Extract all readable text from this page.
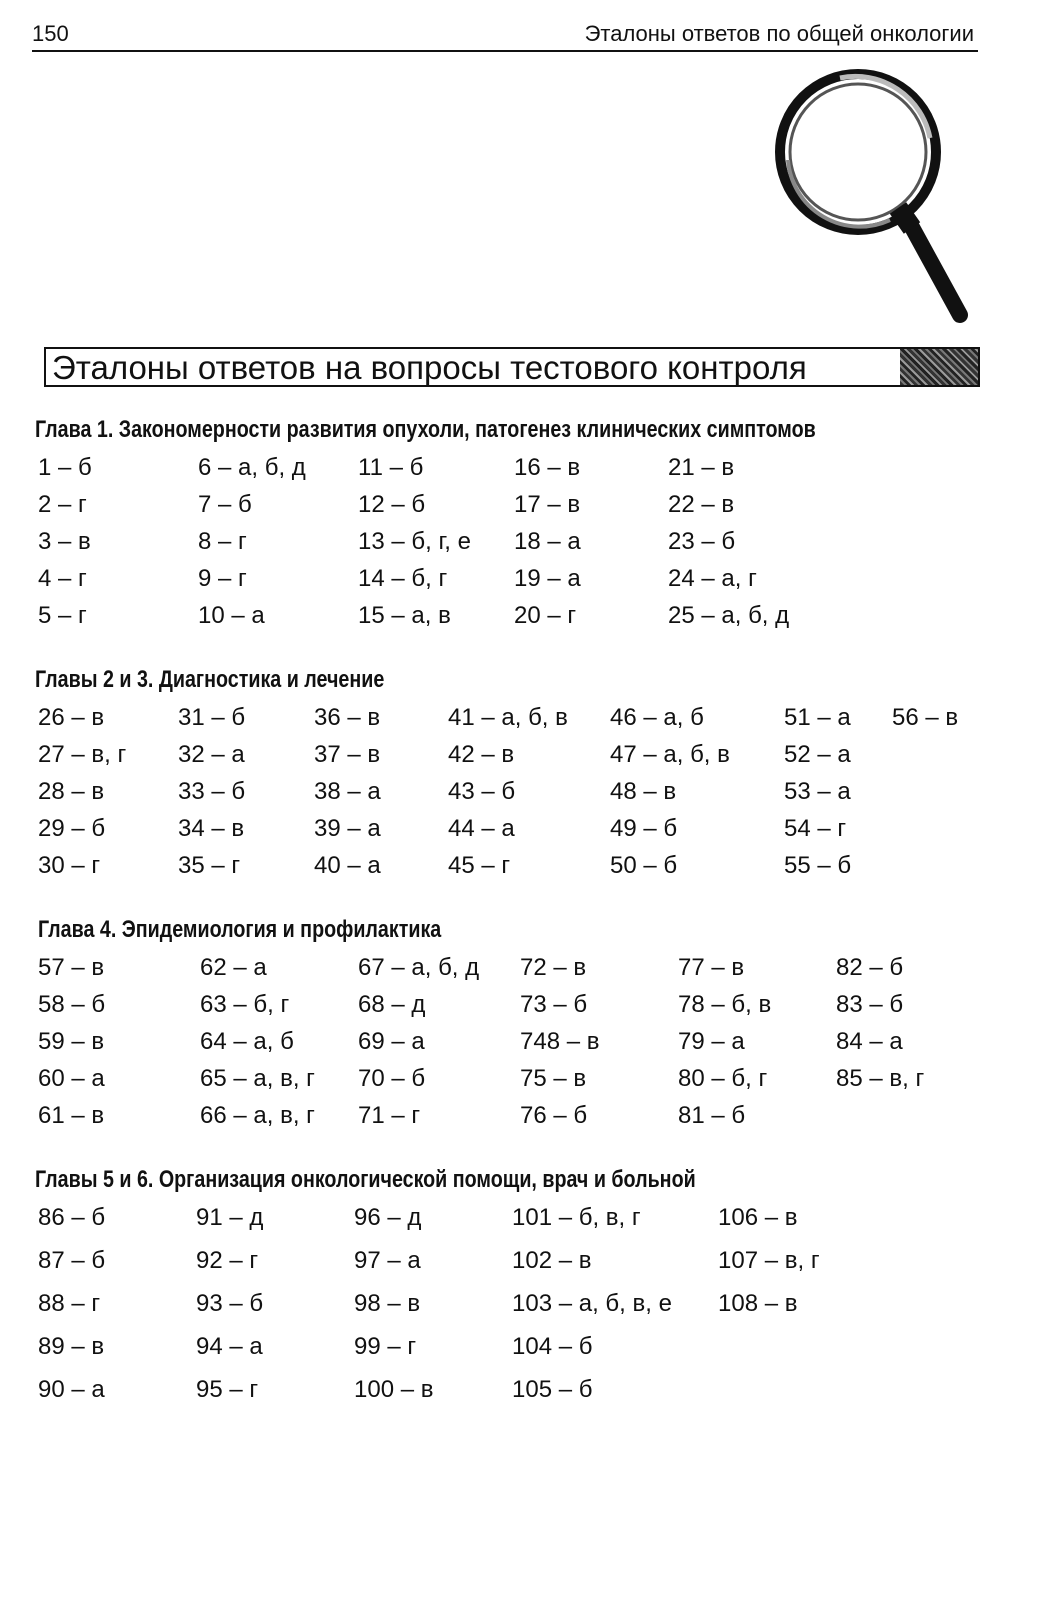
150	Эталоны ответов по общей онкологии
Эталоны ответов на вопросы тестового контроля
Глава 1. Закономерности развития опухоли, патогенез клинических симптомов
1 – б
2 – г
3 – в
4 – г
5 – г
6 – а, б, д
7 – б
8 – г
9 – г
10 – а
11 – б
12 – б
13 – б, г, е
14 – б, г
15 – а, в
16 – в
17 – в
18 – а
19 – а
20 – г
21 – в
22 – в
23 – б
24 – а, г
25 – а, б, д
Главы 2 и 3. Диагностика и лечение
26 – в
27 – в, г
28 – в
29 – б
30 – г
31 – б
32 – а
33 – б
34 – в
35 – г
36 – в
37 – в
38 – а
39 – а
40 – а
41 – а, б, в
42 – в
43 – б
44 – а
45 – г
46 – а, б
47 – а, б, в
48 – в
49 – б
50 – б
51 – а
52 – а
53 – а
54 – г
55 – б
56 – в
Глава 4. Эпидемиология и профилактика
57 – в
58 – б
59 – в
60 – а
61 – в
62 – а
63 – б, г
64 – а, б
65 – а, в, г
66 – а, в, г
67 – а, б, д
68 – д
69 – а
70 – б
71 – г
72 – в
73 – б
748 – в
75 – в
76 – б
77 – в
78 – б, в
79 – а
80 – б, г
81 – б
82 – б
83 – б
84 – а
85 – в, г
Главы 5 и 6. Организация онкологической помощи, врач и больной
86 – б
87 – б
88 – г
89 – в
90 – а
91 – д
92 – г
93 – б
94 – а
95 – г
96 – д
97 – а
98 – в
99 – г
100 – в
101 – б, в, г
102 – в
103 – а, б, в, е
104 – б
105 – б
106 – в
107 – в, г
108 – в
